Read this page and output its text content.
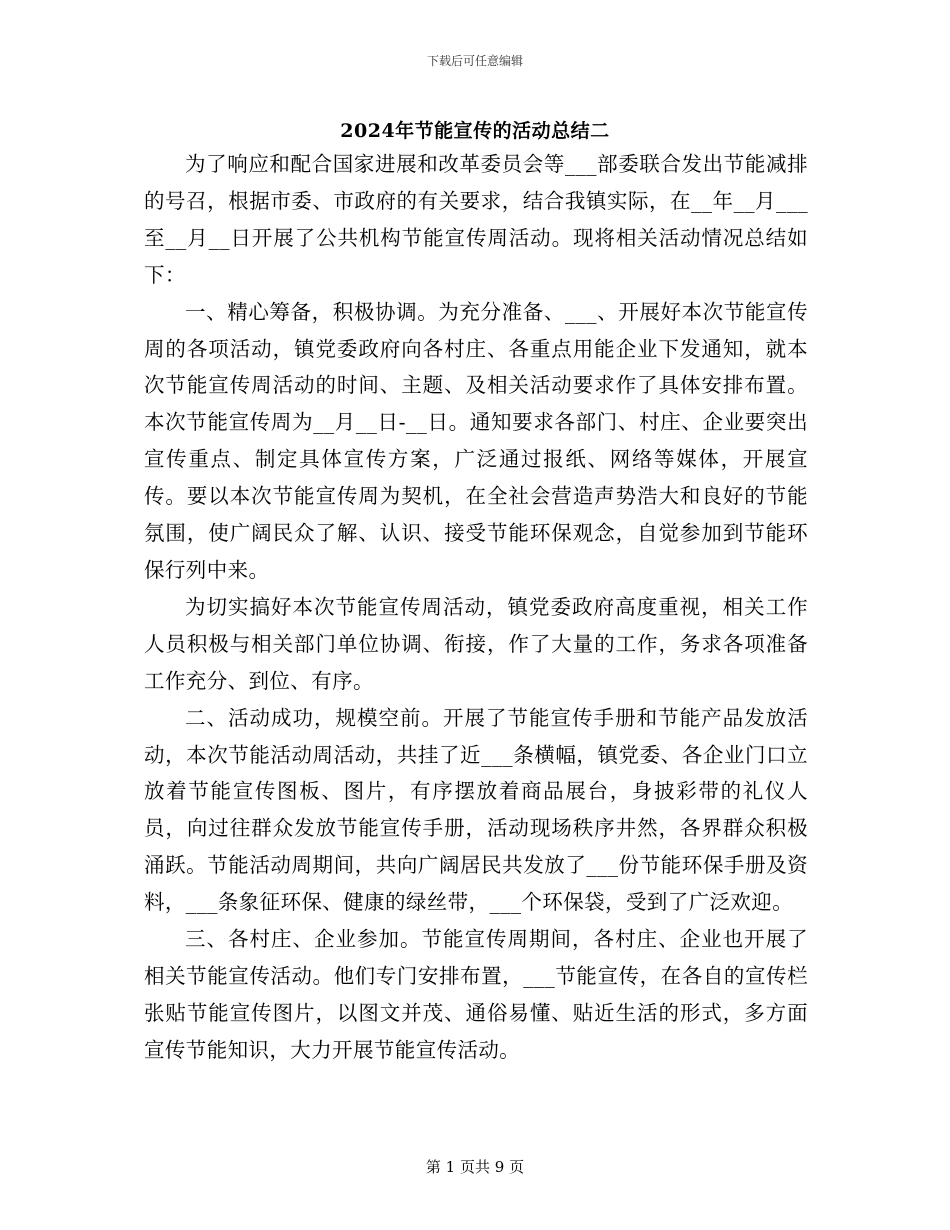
下载后可任意编辑
2024年节能宣传的活动总结二

为了响应和配合国家进展和改革委员会等___部委联合发出节能减排的号召，根据市委、市政府的有关要求，结合我镇实际，在__年__月___至__月__日开展了公共机构节能宣传周活动。现将相关活动情况总结如下：

一、精心筹备，积极协调。为充分准备、___、开展好本次节能宣传周的各项活动，镇党委政府向各村庄、各重点用能企业下发通知，就本次节能宣传周活动的时间、主题、及相关活动要求作了具体安排布置。本次节能宣传周为__月__日-__日。通知要求各部门、村庄、企业要突出宣传重点、制定具体宣传方案，广泛通过报纸、网络等媒体，开展宣传。要以本次节能宣传周为契机，在全社会营造声势浩大和良好的节能氛围，使广阔民众了解、认识、接受节能环保观念，自觉参加到节能环保行列中来。

为切实搞好本次节能宣传周活动，镇党委政府高度重视，相关工作人员积极与相关部门单位协调、衔接，作了大量的工作，务求各项准备工作充分、到位、有序。

二、活动成功，规模空前。开展了节能宣传手册和节能产品发放活动，本次节能活动周活动，共挂了近___条横幅，镇党委、各企业门口立放着节能宣传图板、图片，有序摆放着商品展台，身披彩带的礼仪人员，向过往群众发放节能宣传手册，活动现场秩序井然，各界群众积极涌跃。节能活动周期间，共向广阔居民共发放了___份节能环保手册及资料，___条象征环保、健康的绿丝带，___个环保袋，受到了广泛欢迎。

三、各村庄、企业参加。节能宣传周期间，各村庄、企业也开展了相关节能宣传活动。他们专门安排布置，___节能宣传，在各自的宣传栏张贴节能宣传图片，以图文并茂、通俗易懂、贴近生活的形式，多方面宣传节能知识，大力开展节能宣传活动。

第 1 页共 9 页
